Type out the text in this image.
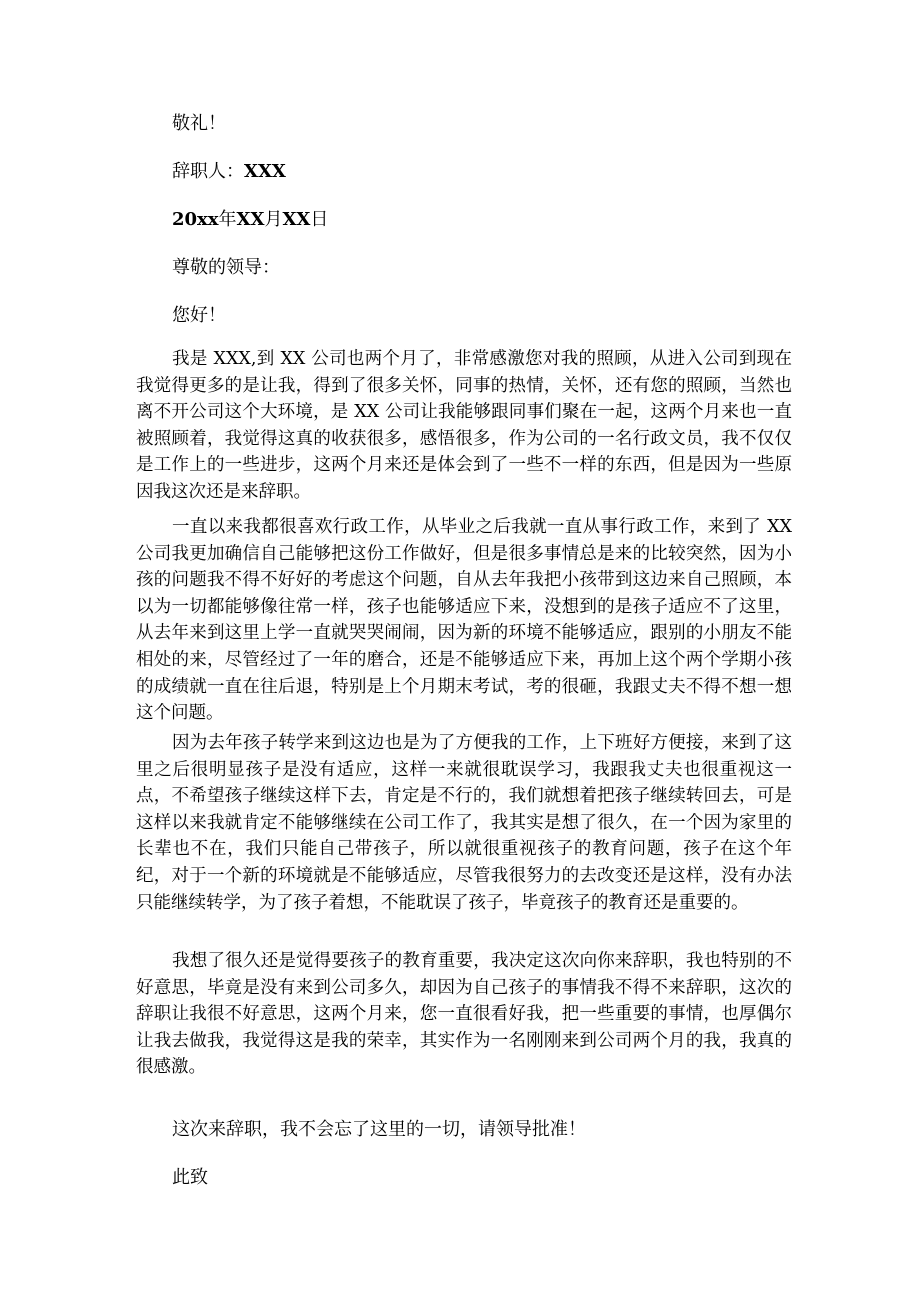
敬礼！
辞职人：XXX
20xx年XX月XX日
尊敬的领导：
您好！

我是 XXX,到 XX 公司也两个月了，非常感激您对我的照顾，从进入公司到现在我觉得更多的是让我，得到了很多关怀，同事的热情，关怀，还有您的照顾，当然也离不开公司这个大环境，是 XX 公司让我能够跟同事们聚在一起，这两个月来也一直被照顾着，我觉得这真的收获很多，感悟很多，作为公司的一名行政文员，我不仅仅是工作上的一些进步，这两个月来还是体会到了一些不一样的东西，但是因为一些原因我这次还是来辞职。

一直以来我都很喜欢行政工作，从毕业之后我就一直从事行政工作，来到了 XX 公司我更加确信自己能够把这份工作做好，但是很多事情总是来的比较突然，因为小孩的问题我不得不好好的考虑这个问题，自从去年我把小孩带到这边来自己照顾，本以为一切都能够像往常一样，孩子也能够适应下来，没想到的是孩子适应不了这里，从去年来到这里上学一直就哭哭闹闹，因为新的环境不能够适应，跟别的小朋友不能相处的来，尽管经过了一年的磨合，还是不能够适应下来，再加上这个两个学期小孩的成绩就一直在往后退，特别是上个月期末考试，考的很砸，我跟丈夫不得不想一想这个问题。

因为去年孩子转学来到这边也是为了方便我的工作，上下班好方便接，来到了这里之后很明显孩子是没有适应，这样一来就很耽误学习，我跟我丈夫也很重视这一点，不希望孩子继续这样下去，肯定是不行的，我们就想着把孩子继续转回去，可是这样以来我就肯定不能够继续在公司工作了，我其实是想了很久，在一个因为家里的长辈也不在，我们只能自己带孩子，所以就很重视孩子的教育问题，孩子在这个年纪，对于一个新的环境就是不能够适应，尽管我很努力的去改变还是这样，没有办法只能继续转学，为了孩子着想，不能耽误了孩子，毕竟孩子的教育还是重要的。

我想了很久还是觉得要孩子的教育重要，我决定这次向你来辞职，我也特别的不好意思，毕竟是没有来到公司多久，却因为自己孩子的事情我不得不来辞职，这次的辞职让我很不好意思，这两个月来，您一直很看好我，把一些重要的事情，也厚偶尔让我去做我，我觉得这是我的荣幸，其实作为一名刚刚来到公司两个月的我，我真的很感激。

这次来辞职，我不会忘了这里的一切，请领导批准！
此致
